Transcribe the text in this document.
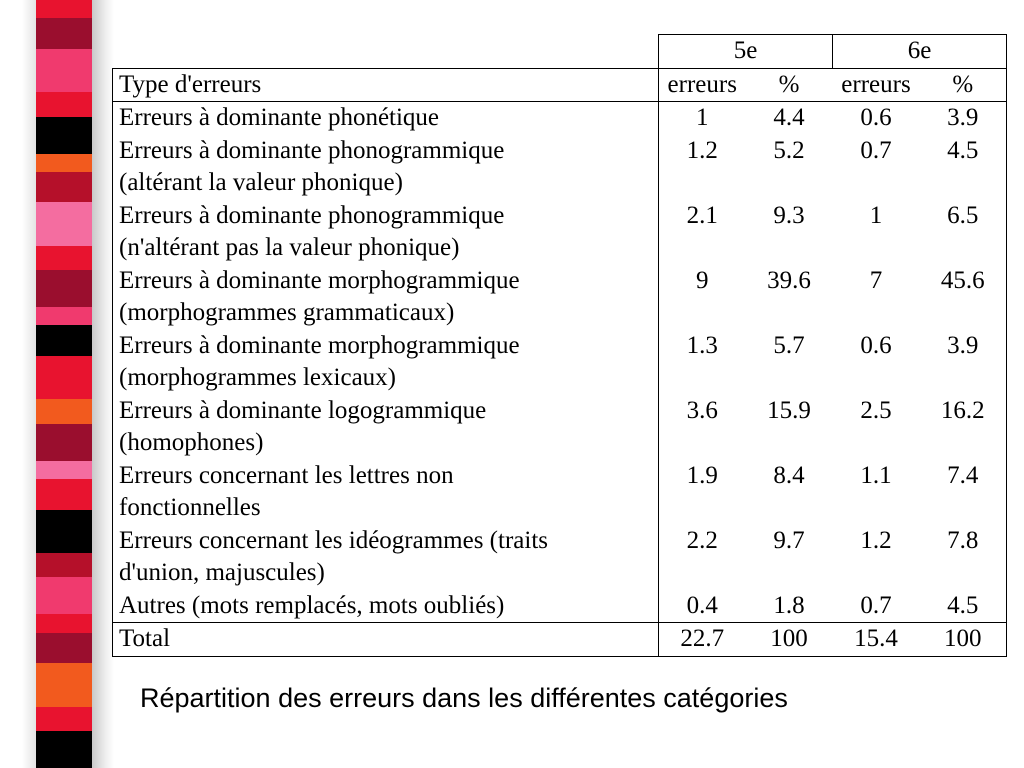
	5e		6e	
Type d'erreurs	erreurs	%	erreurs	%

Erreurs à dominante phonétique	1	4.4	0.6	3.9

Erreurs à dominante phonogrammique
(altérant la valeur phonique)	1.2	5.2	0.7	4.5

Erreurs à dominante phonogrammique
(n'altérant pas la valeur phonique)	2.1	9.3	1	6.5

Erreurs à dominante morphogrammique
(morphogrammes grammaticaux)	9	39.6	7	45.6

Erreurs à dominante morphogrammique
(morphogrammes lexicaux)	1.3	5.7	0.6	3.9

Erreurs à dominante logogrammique
(homophones)	3.6	15.9	2.5	16.2

Erreurs concernant les lettres non
fonctionnelles	1.9	8.4	1.1	7.4

Erreurs concernant les idéogrammes (traits
d'union, majuscules)	2.2	9.7	1.2	7.8

Autres (mots remplacés, mots oubliés)	0.4	1.8	0.7	4.5
Total	22.7	100	15.4	100
Répartition des erreurs dans les différentes catégories
